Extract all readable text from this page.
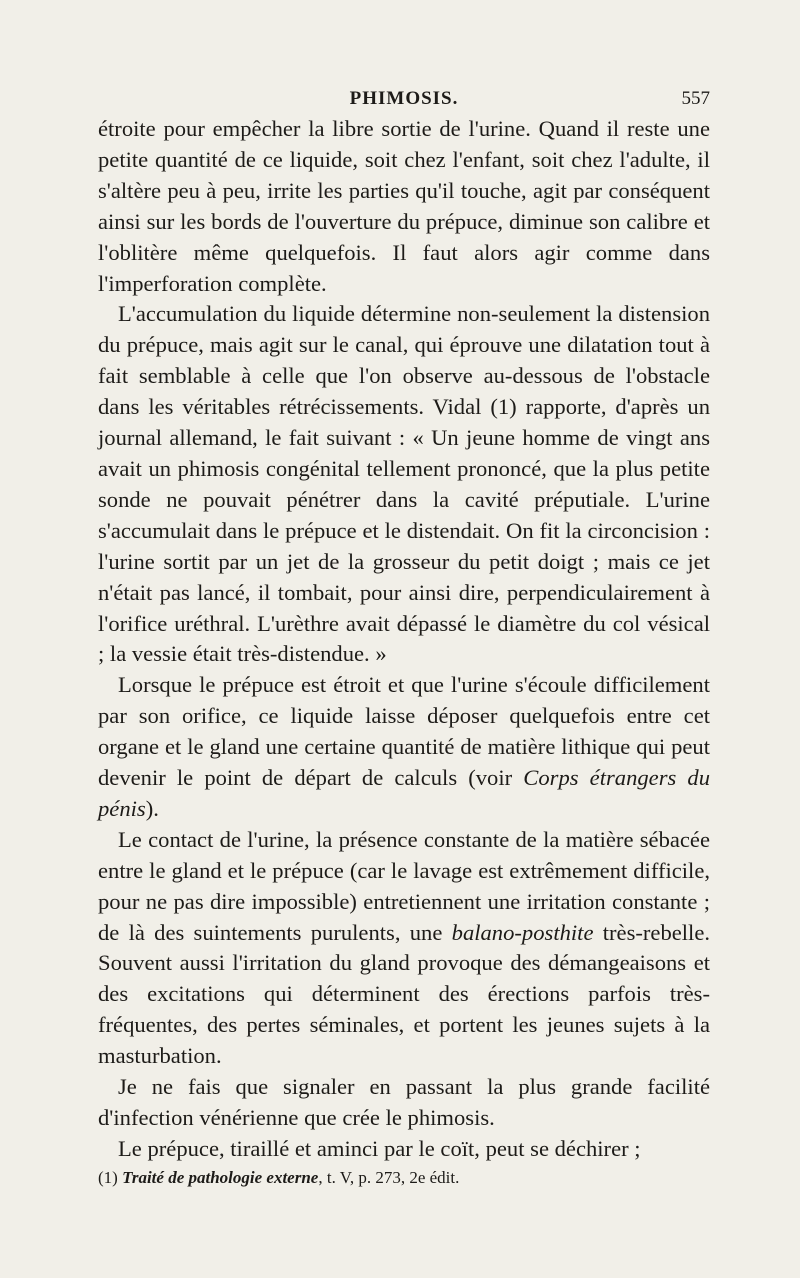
PHIMOSIS.	557

étroite pour empêcher la libre sortie de l'urine. Quand il reste une petite quantité de ce liquide, soit chez l'enfant, soit chez l'adulte, il s'altère peu à peu, irrite les parties qu'il touche, agit par conséquent ainsi sur les bords de l'ouverture du prépuce, diminue son calibre et l'oblitère même quelquefois. Il faut alors agir comme dans l'imperforation complète.

L'accumulation du liquide détermine non-seulement la distension du prépuce, mais agit sur le canal, qui éprouve une dilatation tout à fait semblable à celle que l'on observe au-dessous de l'obstacle dans les véritables rétrécissements. Vidal (1) rapporte, d'après un journal allemand, le fait suivant : « Un jeune homme de vingt ans avait un phimosis congénital tellement prononcé, que la plus petite sonde ne pouvait pénétrer dans la cavité préputiale. L'urine s'accumulait dans le prépuce et le distendait. On fit la circoncision : l'urine sortit par un jet de la grosseur du petit doigt ; mais ce jet n'était pas lancé, il tombait, pour ainsi dire, perpendiculairement à l'orifice uréthral. L'urèthre avait dépassé le diamètre du col vésical ; la vessie était très-distendue. »

Lorsque le prépuce est étroit et que l'urine s'écoule difficilement par son orifice, ce liquide laisse déposer quelquefois entre cet organe et le gland une certaine quantité de matière lithique qui peut devenir le point de départ de calculs (voir Corps étrangers du pénis).

Le contact de l'urine, la présence constante de la matière sébacée entre le gland et le prépuce (car le lavage est extrêmement difficile, pour ne pas dire impossible) entretiennent une irritation constante ; de là des suintements purulents, une balano-posthite très-rebelle. Souvent aussi l'irritation du gland provoque des démangeaisons et des excitations qui déterminent des érections parfois très-fréquentes, des pertes séminales, et portent les jeunes sujets à la masturbation.

Je ne fais que signaler en passant la plus grande facilité d'infection vénérienne que crée le phimosis.

Le prépuce, tiraillé et aminci par le coït, peut se déchirer ;

(1) Traité de pathologie externe, t. V, p. 273, 2e édit.
